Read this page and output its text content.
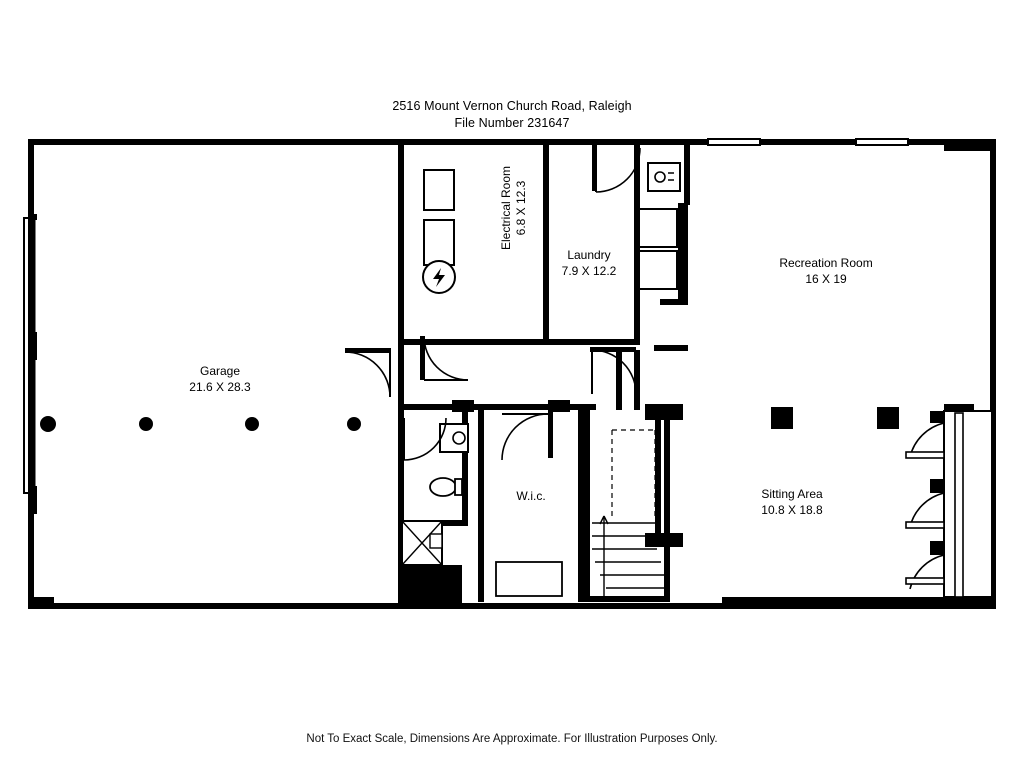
2516 Mount Vernon Church Road, Raleigh
File Number 231647
Garage
21.6 X 28.3
Electrical Room 6.8 X 12.3
Laundry
7.9 X 12.2
Recreation Room
16 X 19
Sitting Area
10.8 X 18.8
W.i.c.
Not To Exact Scale, Dimensions Are Approximate. For Illustration Purposes Only.
